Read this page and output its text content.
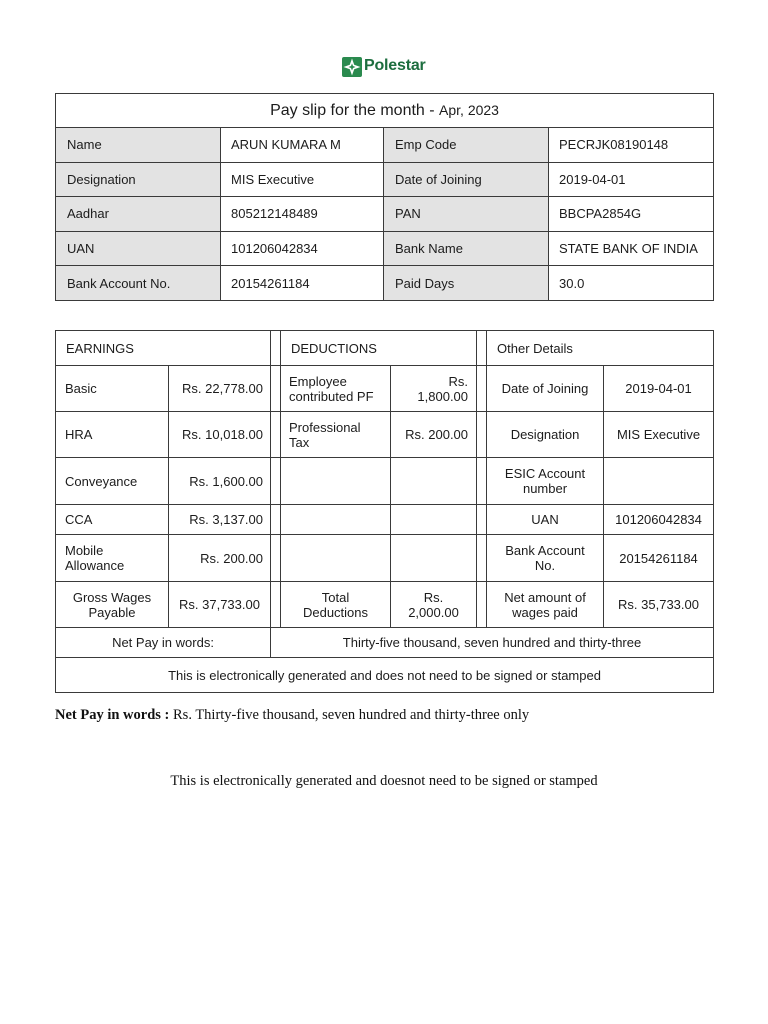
Polestar
Pay slip for the month - Apr, 2023			
Name	ARUN KUMARA M	Emp Code	PECRJK08190148
Designation	MIS Executive	Date of Joining	2019-04-01
Aadhar	805212148489	PAN	BBCPA2854G
UAN	101206042834	Bank Name	STATE BANK OF INDIA
Bank Account No.	20154261184	Paid Days	30.0
EARNINGS			DEDUCTIONS			Other Details	
Basic	Rs. 22,778.00		Employee contributed PF	Rs. 1,800.00		Date of Joining	2019-04-01
HRA	Rs. 10,018.00		Professional Tax	Rs. 200.00		Designation	MIS Executive
Conveyance	Rs. 1,600.00					ESIC Account number	
CCA	Rs. 3,137.00					UAN	101206042834
Mobile Allowance	Rs. 200.00					Bank Account No.	20154261184
Gross Wages Payable	Rs. 37,733.00		Total Deductions	Rs. 2,000.00		Net amount of wages paid	Rs. 35,733.00
Net Pay in words:		Thirty-five thousand, seven hundred and thirty-three					
This is electronically generated and does not need to be signed or stamped							
Net Pay in words : Rs. Thirty-five thousand, seven hundred and thirty-three only
This is electronically generated and doesnot need to be signed or stamped
